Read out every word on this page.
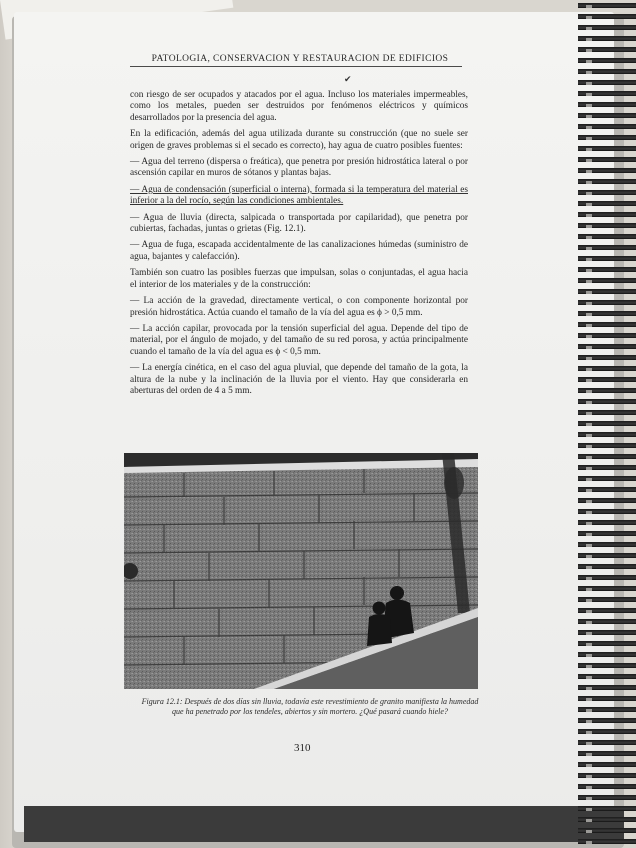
PATOLOGIA, CONSERVACION Y RESTAURACION DE EDIFICIOS
✔

con riesgo de ser ocupados y atacados por el agua. Incluso los materiales impermeables, como los metales, pueden ser destruidos por fenómenos eléctricos y químicos desarrollados por la presencia del agua.

En la edificación, además del agua utilizada durante su construcción (que no suele ser origen de graves problemas si el secado es correcto), hay agua de cuatro posibles fuentes:

— Agua del terreno (dispersa o freática), que penetra por presión hidrostática lateral o por ascensión capilar en muros de sótanos y plantas bajas.

— Agua de condensación (superficial o interna), formada si la temperatura del material es inferior a la del rocío, según las condiciones ambientales.

— Agua de lluvia (directa, salpicada o transportada por capilaridad), que penetra por cubiertas, fachadas, juntas o grietas (Fig. 12.1).

— Agua de fuga, escapada accidentalmente de las canalizaciones húmedas (suministro de agua, bajantes y calefacción).

También son cuatro las posibles fuerzas que impulsan, solas o conjuntadas, el agua hacia el interior de los materiales y de la construcción:

— La acción de la gravedad, directamente vertical, o con componente horizontal por presión hidrostática. Actúa cuando el tamaño de la vía del agua es ϕ > 0,5 mm.

— La acción capilar, provocada por la tensión superficial del agua. Depende del tipo de material, por el ángulo de mojado, y del tamaño de su red porosa, y actúa principalmente cuando el tamaño de la vía del agua es ϕ < 0,5 mm.

— La energía cinética, en el caso del agua pluvial, que depende del tamaño de la gota, la altura de la nube y la inclinación de la lluvia por el viento. Hay que considerarla en aberturas del orden de 4 a 5 mm.

Figura 12.1: Después de dos días sin lluvia, todavía este revestimiento de granito manifiesta la humedad que ha penetrado por los tendeles, abiertos y sin mortero. ¿Qué pasará cuando hiele?
310
